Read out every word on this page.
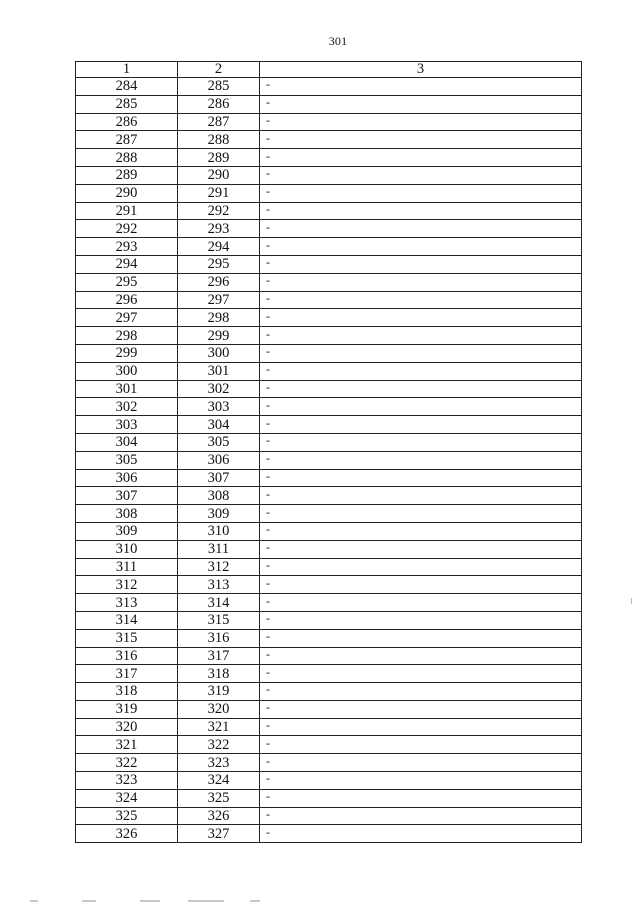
301
1	2	3
284	285	-
285	286	-
286	287	-
287	288	-
288	289	-
289	290	-
290	291	-
291	292	-
292	293	-
293	294	-
294	295	-
295	296	-
296	297	-
297	298	-
298	299	-
299	300	-
300	301	-
301	302	-
302	303	-
303	304	-
304	305	-
305	306	-
306	307	-
307	308	-
308	309	-
309	310	-
310	311	-
311	312	-
312	313	-
313	314	-
314	315	-
315	316	-
316	317	-
317	318	-
318	319	-
319	320	-
320	321	-
321	322	-
322	323	-
323	324	-
324	325	-
325	326	-
326	327	-
